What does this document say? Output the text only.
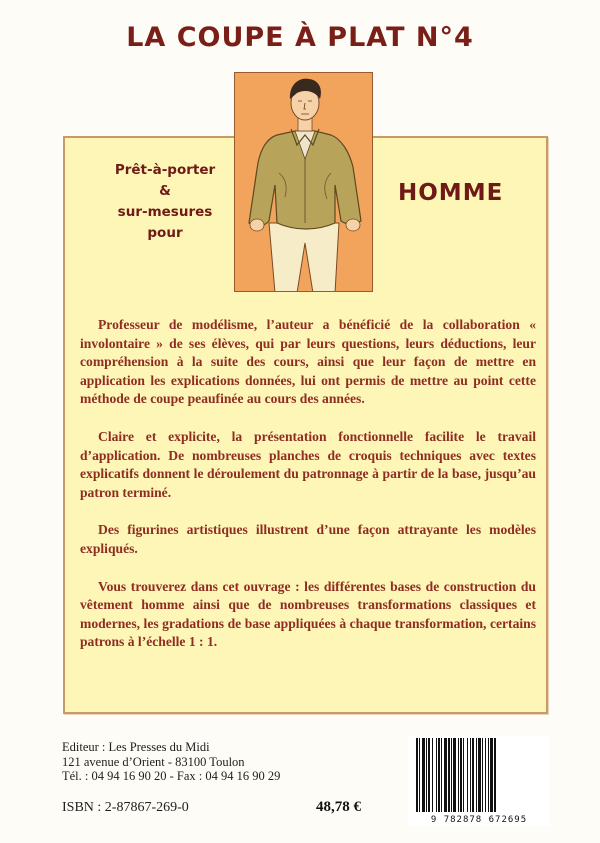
LA COUPE À PLAT N°4
Prêt-à-porter
&
sur-mesures
pour
HOMME

Professeur de modélisme, l’auteur a bénéficié de la collaboration « involontaire » de ses élèves, qui par leurs questions, leurs déductions, leur compréhension à la suite des cours, ainsi que leur façon de mettre en application les explications données, lui ont permis de mettre au point cette méthode de coupe peaufinée au cours des années.

Claire et explicite, la présentation fonctionnelle facilite le travail d’application. De nombreuses planches de croquis techniques avec textes explicatifs donnent le déroulement du patronnage à partir de la base, jusqu’au patron terminé.

Des figurines artistiques illustrent d’une façon attrayante les modèles expliqués.

Vous trouverez dans cet ouvrage : les différentes bases de construction du vêtement homme ainsi que de nombreuses transformations classiques et modernes, les gradations de base appliquées à chaque transformation, certains patrons à l’échelle 1 : 1.

Editeur : Les Presses du Midi
121 avenue d’Orient - 83100 Toulon
Tél. : 04 94 16 90 20 - Fax : 04 94 16 90 29
ISBN : 2-87867-269-0	48,78 €
9 782878 672695
